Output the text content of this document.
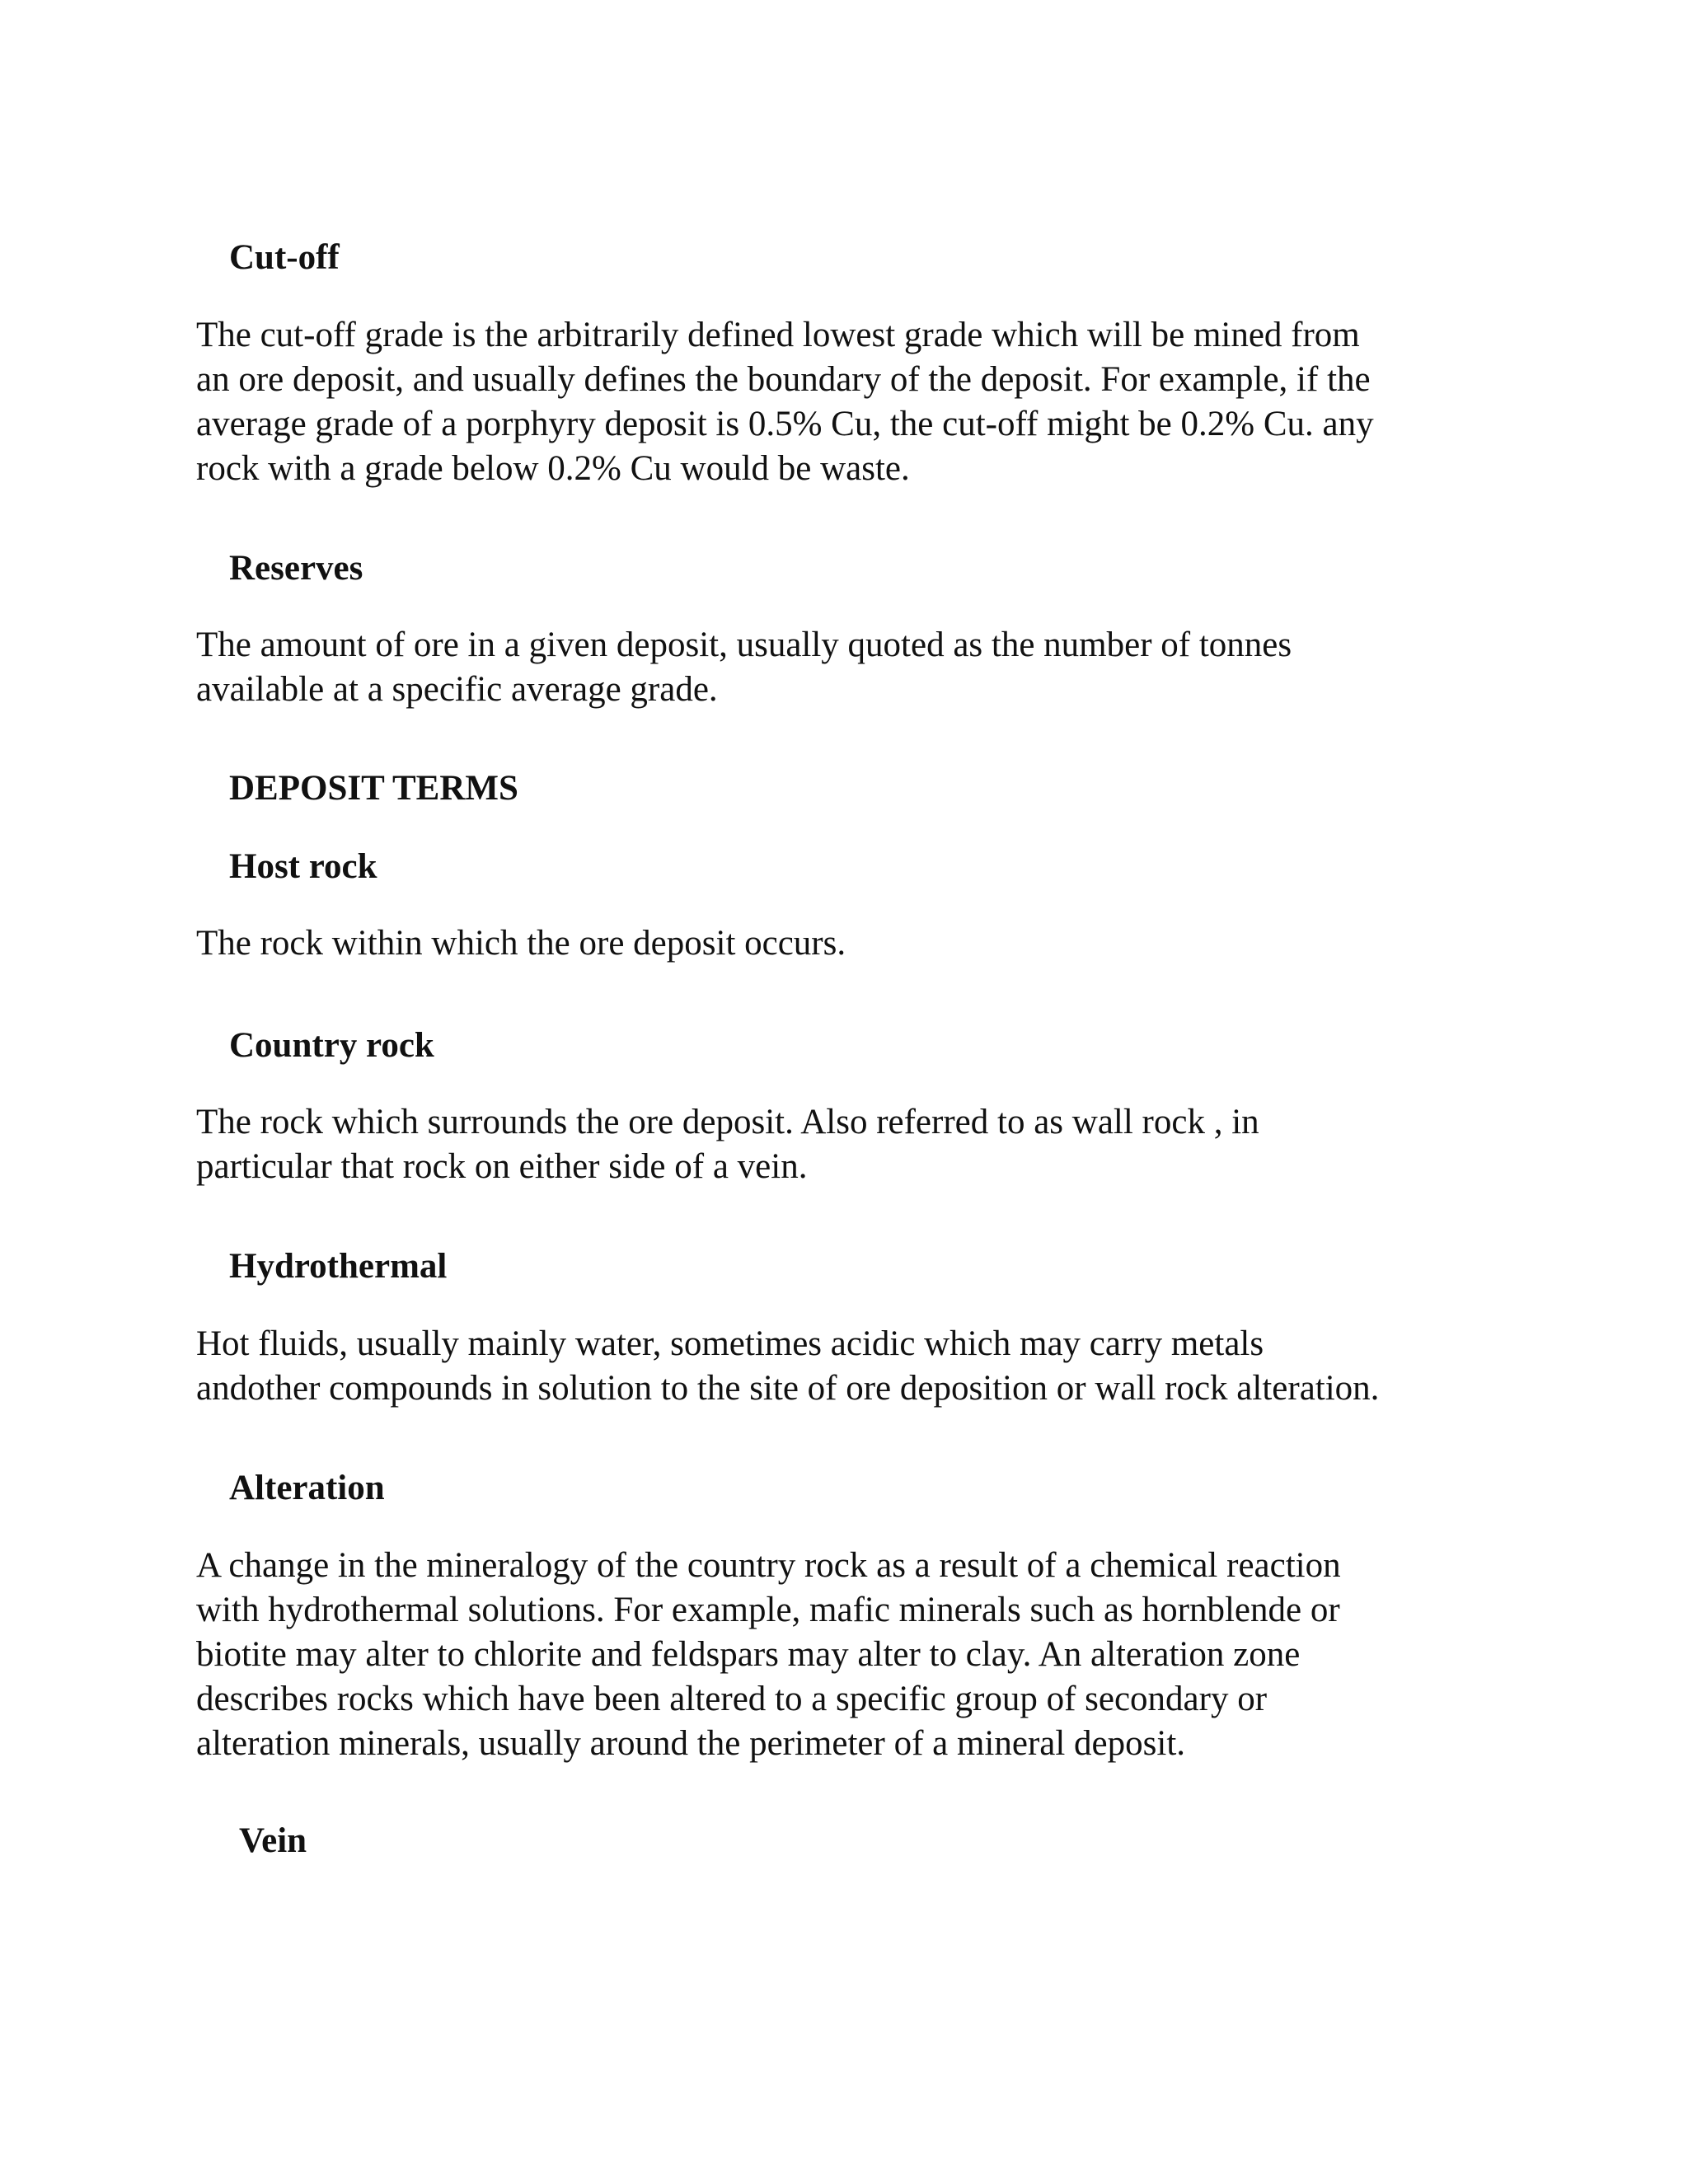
Cut-off
The cut-off grade is the arbitrarily defined lowest grade which will be mined from
an ore deposit, and usually defines the boundary of the deposit. For example, if the
average grade of a porphyry deposit is 0.5% Cu, the cut-off might be 0.2% Cu. any
rock with a grade below 0.2% Cu would be waste.
Reserves
The amount of ore in a given deposit, usually quoted as the number of tonnes
available at a specific average grade.
DEPOSIT TERMS
Host rock
The rock within which the ore deposit occurs.
Country rock
The rock which surrounds the ore deposit. Also referred to as wall rock , in
particular that rock on either side of a vein.
Hydrothermal
Hot fluids, usually mainly water, sometimes acidic which may carry metals
andother compounds in solution to the site of ore deposition or wall rock alteration.
Alteration
A change in the mineralogy of the country rock as a result of a chemical reaction
with hydrothermal solutions. For example, mafic minerals such as hornblende or
biotite may alter to chlorite and feldspars may alter to clay. An alteration zone
describes rocks which have been altered to a specific group of secondary or
alteration minerals, usually around the perimeter of a mineral deposit.
Vein
